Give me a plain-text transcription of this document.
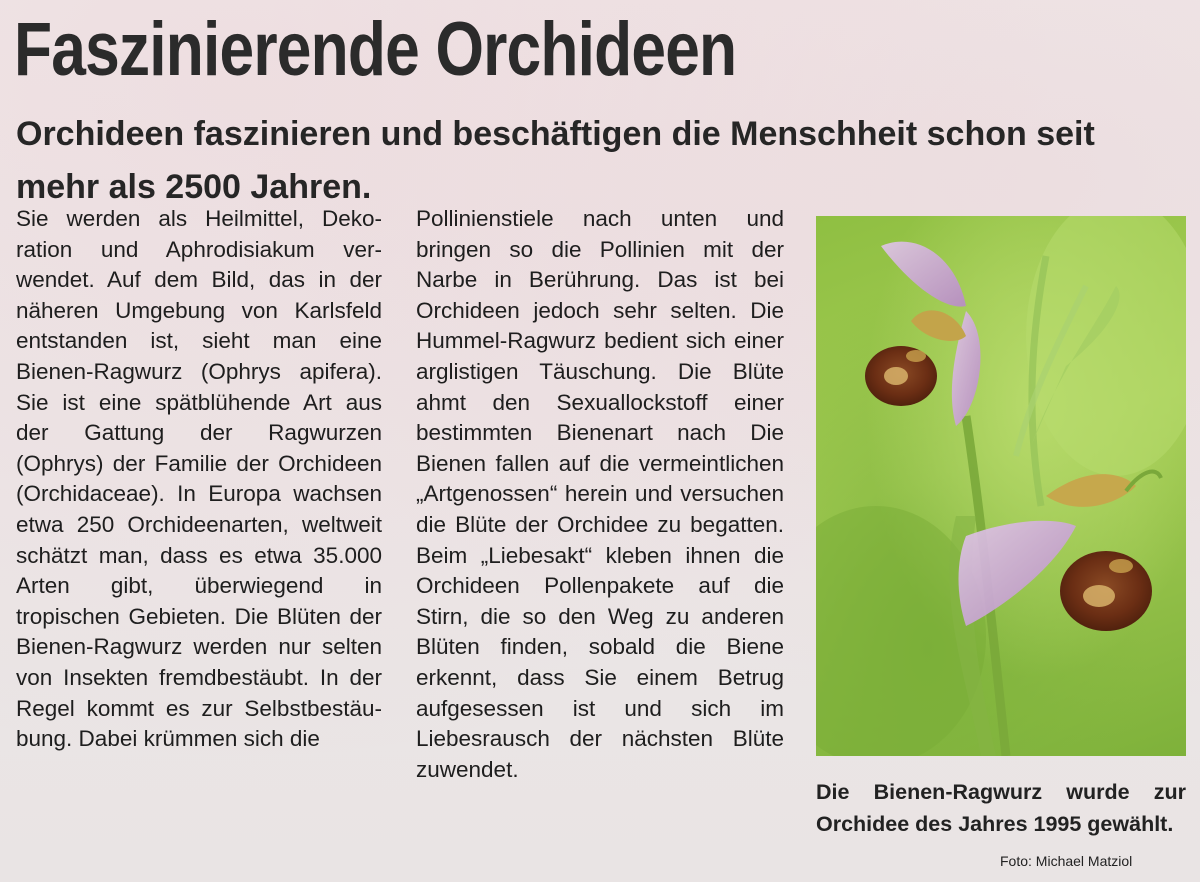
Faszinierende Orchideen

Orchideen faszinieren und beschäftigen die Menschheit schon seit mehr als 2500 Jahren.

Sie werden als Heilmittel, Dekoration und Aphrodisiakum verwendet. Auf dem Bild, das in der näheren Umgebung von Karlsfeld entstanden ist, sieht man eine Bienen-Ragwurz (Ophrys apifera). Sie ist eine spätblühende Art aus der Gattung der Ragwurzen (Ophrys) der Familie der Orchideen (Orchidaceae). In Europa wachsen etwa 250 Orchideenarten, weltweit schätzt man, dass es etwa 35.000 Arten gibt, überwiegend in tropischen Gebieten. Die Blüten der Bienen-Ragwurz werden nur selten von Insekten fremdbestäubt. In der Regel kommt es zur Selbstbestäubung. Dabei krümmen sich die
Pollinienstiele nach unten und bringen so die Pollinien mit der Narbe in Berührung. Das ist bei Orchideen jedoch sehr selten. Die Hummel-Ragwurz bedient sich einer arglistigen Täuschung. Die Blüte ahmt den Sexuallockstoff einer bestimmten Bienenart nach Die Bienen fallen auf die vermeintlichen „Artgenossen“ herein und versuchen die Blüte der Orchidee zu begatten. Beim „Liebesakt“ kleben ihnen die Orchideen Pollenpakete auf die Stirn, die so den Weg zu anderen Blüten finden, sobald die Biene erkennt, dass Sie einem Betrug aufgesessen ist und sich im Liebesrausch der nächsten Blüte zuwendet.
Die Bienen-Ragwurz wurde zur Orchidee des Jahres 1995 gewählt.
Foto: Michael Matziol
